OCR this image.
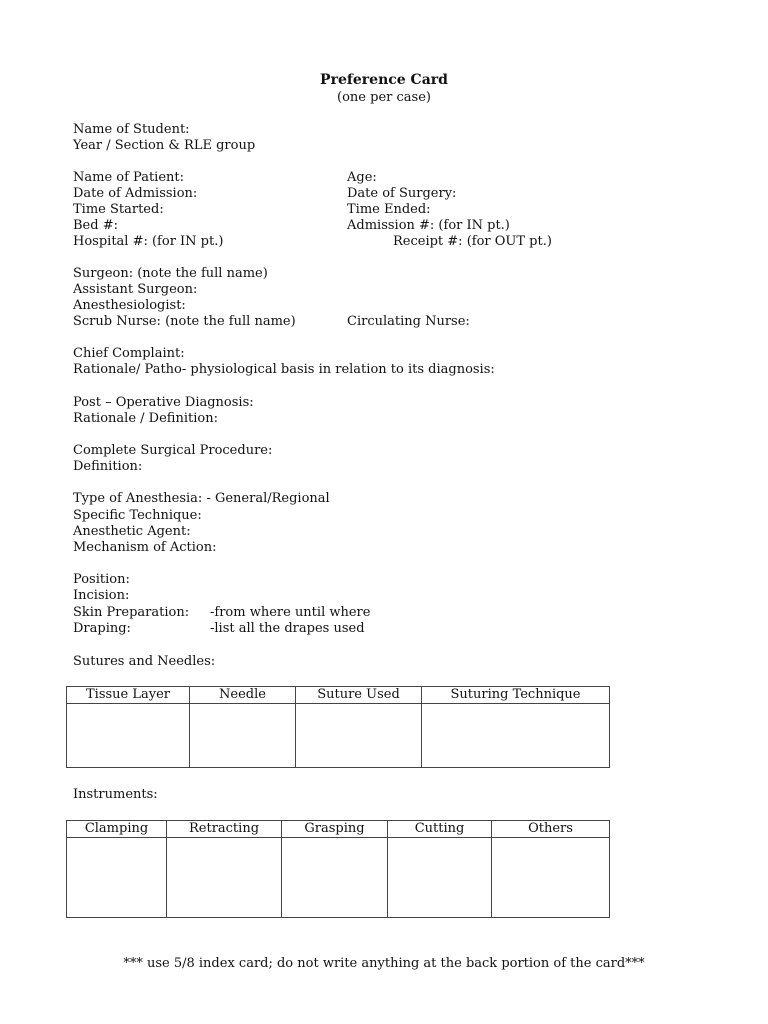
Preference Card
(one per case)
Name of Student:
Year / Section & RLE group
Name of Patient:	Age:
Date of Admission:	Date of Surgery:
Time Started:	Time Ended:
Bed #:	Admission #: (for IN pt.)
Hospital #: (for IN pt.)	Receipt #: (for OUT pt.)
Surgeon: (note the full name)
Assistant Surgeon:
Anesthesiologist:
Scrub Nurse: (note the full name)	Circulating Nurse:
Chief Complaint:
Rationale/ Patho- physiological basis in relation to its diagnosis:
Post – Operative Diagnosis:
Rationale / Definition:
Complete Surgical Procedure:
Definition:
Type of Anesthesia: - General/Regional
Specific Technique:
Anesthetic Agent:
Mechanism of Action:
Position:
Incision:
Skin Preparation: -from where until where
Draping:	-list all the drapes used
Sutures and Needles:
Tissue Layer	Needle	Suture Used	Suturing Technique

Instruments:
Clamping	Retracting	Grasping	Cutting	Others

*** use 5/8 index card; do not write anything at the back portion of the card***
